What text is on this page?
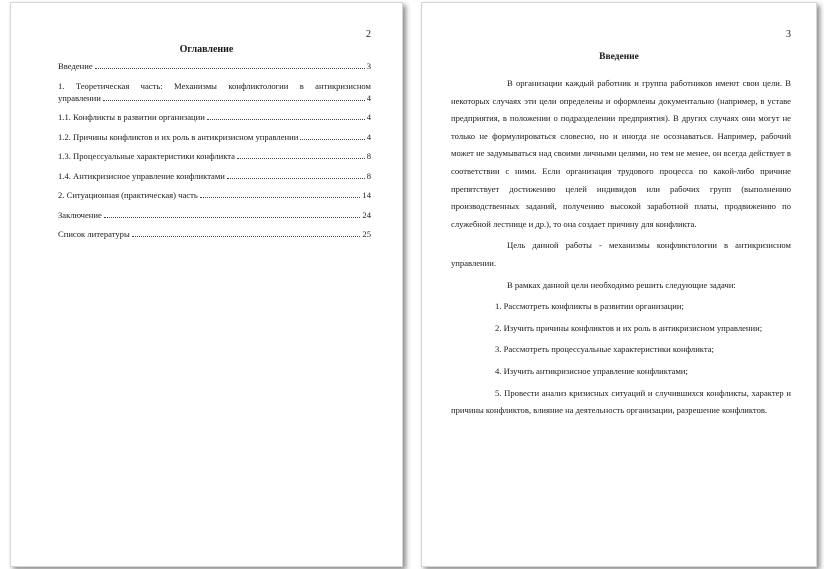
2
Оглавление
Введение	3
1. Теоретическая часть: Механизмы конфликтологии в антикризисном
управлении	4
1.1. Конфликты в развитии организации	4
1.2. Причины конфликтов и их роль в антикризисном управлении	4
1.3. Процессуальные характеристики конфликта	8
1.4. Антикризисное управление конфликтами	8
2. Ситуационная (практическая) часть	14
Заключение	24
Список литературы	25
3
Введение

В организации каждый работник и группа работников имеют свои цели. В некоторых случаях эти цели определены и оформлены документально (например, в уставе предприятия, в положении о подразделении предприятия). В других случаях они могут не только не формулироваться словесно, но и иногда не осознаваться. Например, рабочий может не задумываться над своими личными целями, но тем не менее, он всегда действует в соответствии с ними. Если организация трудового процесса по какой-либо причине препятствует достижению целей индивидов или рабочих групп (выполнению производственных заданий, получению высокой заработной платы, продвижению по служебной лестнице и др.), то она создает причину для конфликта.

Цель данной работы - механизмы конфликтологии в антикризисном управлении.

В рамках данной цели необходимо решить следующие задачи:

1. Рассмотреть конфликты в развитии организации;

2. Изучить причины конфликтов и их роль в антикризисном управлении;

3. Рассмотреть процессуальные характеристики конфликта;

4. Изучить антикризисное управление конфликтами;

5. Провести анализ кризисных ситуаций и случившихся конфликты, характер и причины конфликтов, влияние на деятельность организации, разрешение конфликтов.
